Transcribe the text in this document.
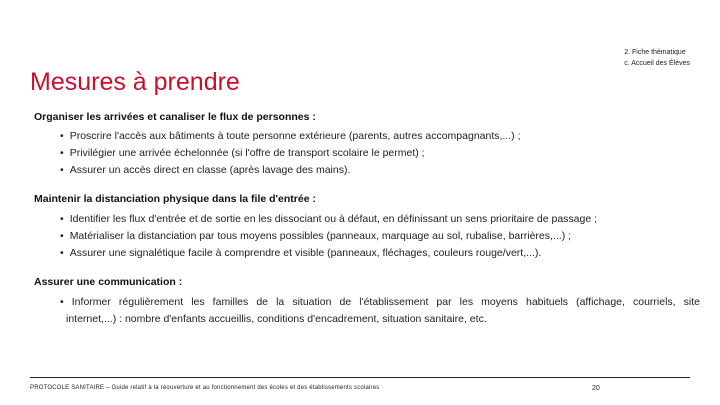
2. Fiche thématique
c. Accueil des Élèves
Mesures à prendre
Organiser les arrivées et canaliser le flux de personnes :
• Proscrire l'accès aux bâtiments à toute personne extérieure (parents, autres accompagnants,...) ;
• Privilégier une arrivée échelonnée (si l'offre de transport scolaire le permet) ;
• Assurer un accès direct en classe (après lavage des mains).
Maintenir la distanciation physique dans la file d'entrée :
• Identifier les flux d'entrée et de sortie en les dissociant ou à défaut, en définissant un sens prioritaire de passage ;
• Matérialiser la distanciation par tous moyens possibles (panneaux, marquage au sol, rubalise, barrières,...) ;
• Assurer une signalétique facile à comprendre et visible (panneaux, fléchages, couleurs rouge/vert,...).
Assurer une communication :

• Informer régulièrement les familles de la situation de l'établissement par les moyens habituels (affichage, courriels, site
internet,...) : nombre d'enfants accueillis, conditions d'encadrement, situation sanitaire, etc.

PROTOCOLE SANITAIRE – Guide relatif à la réouverture et au fonctionnement des écoles et des établissements scolaires	20
